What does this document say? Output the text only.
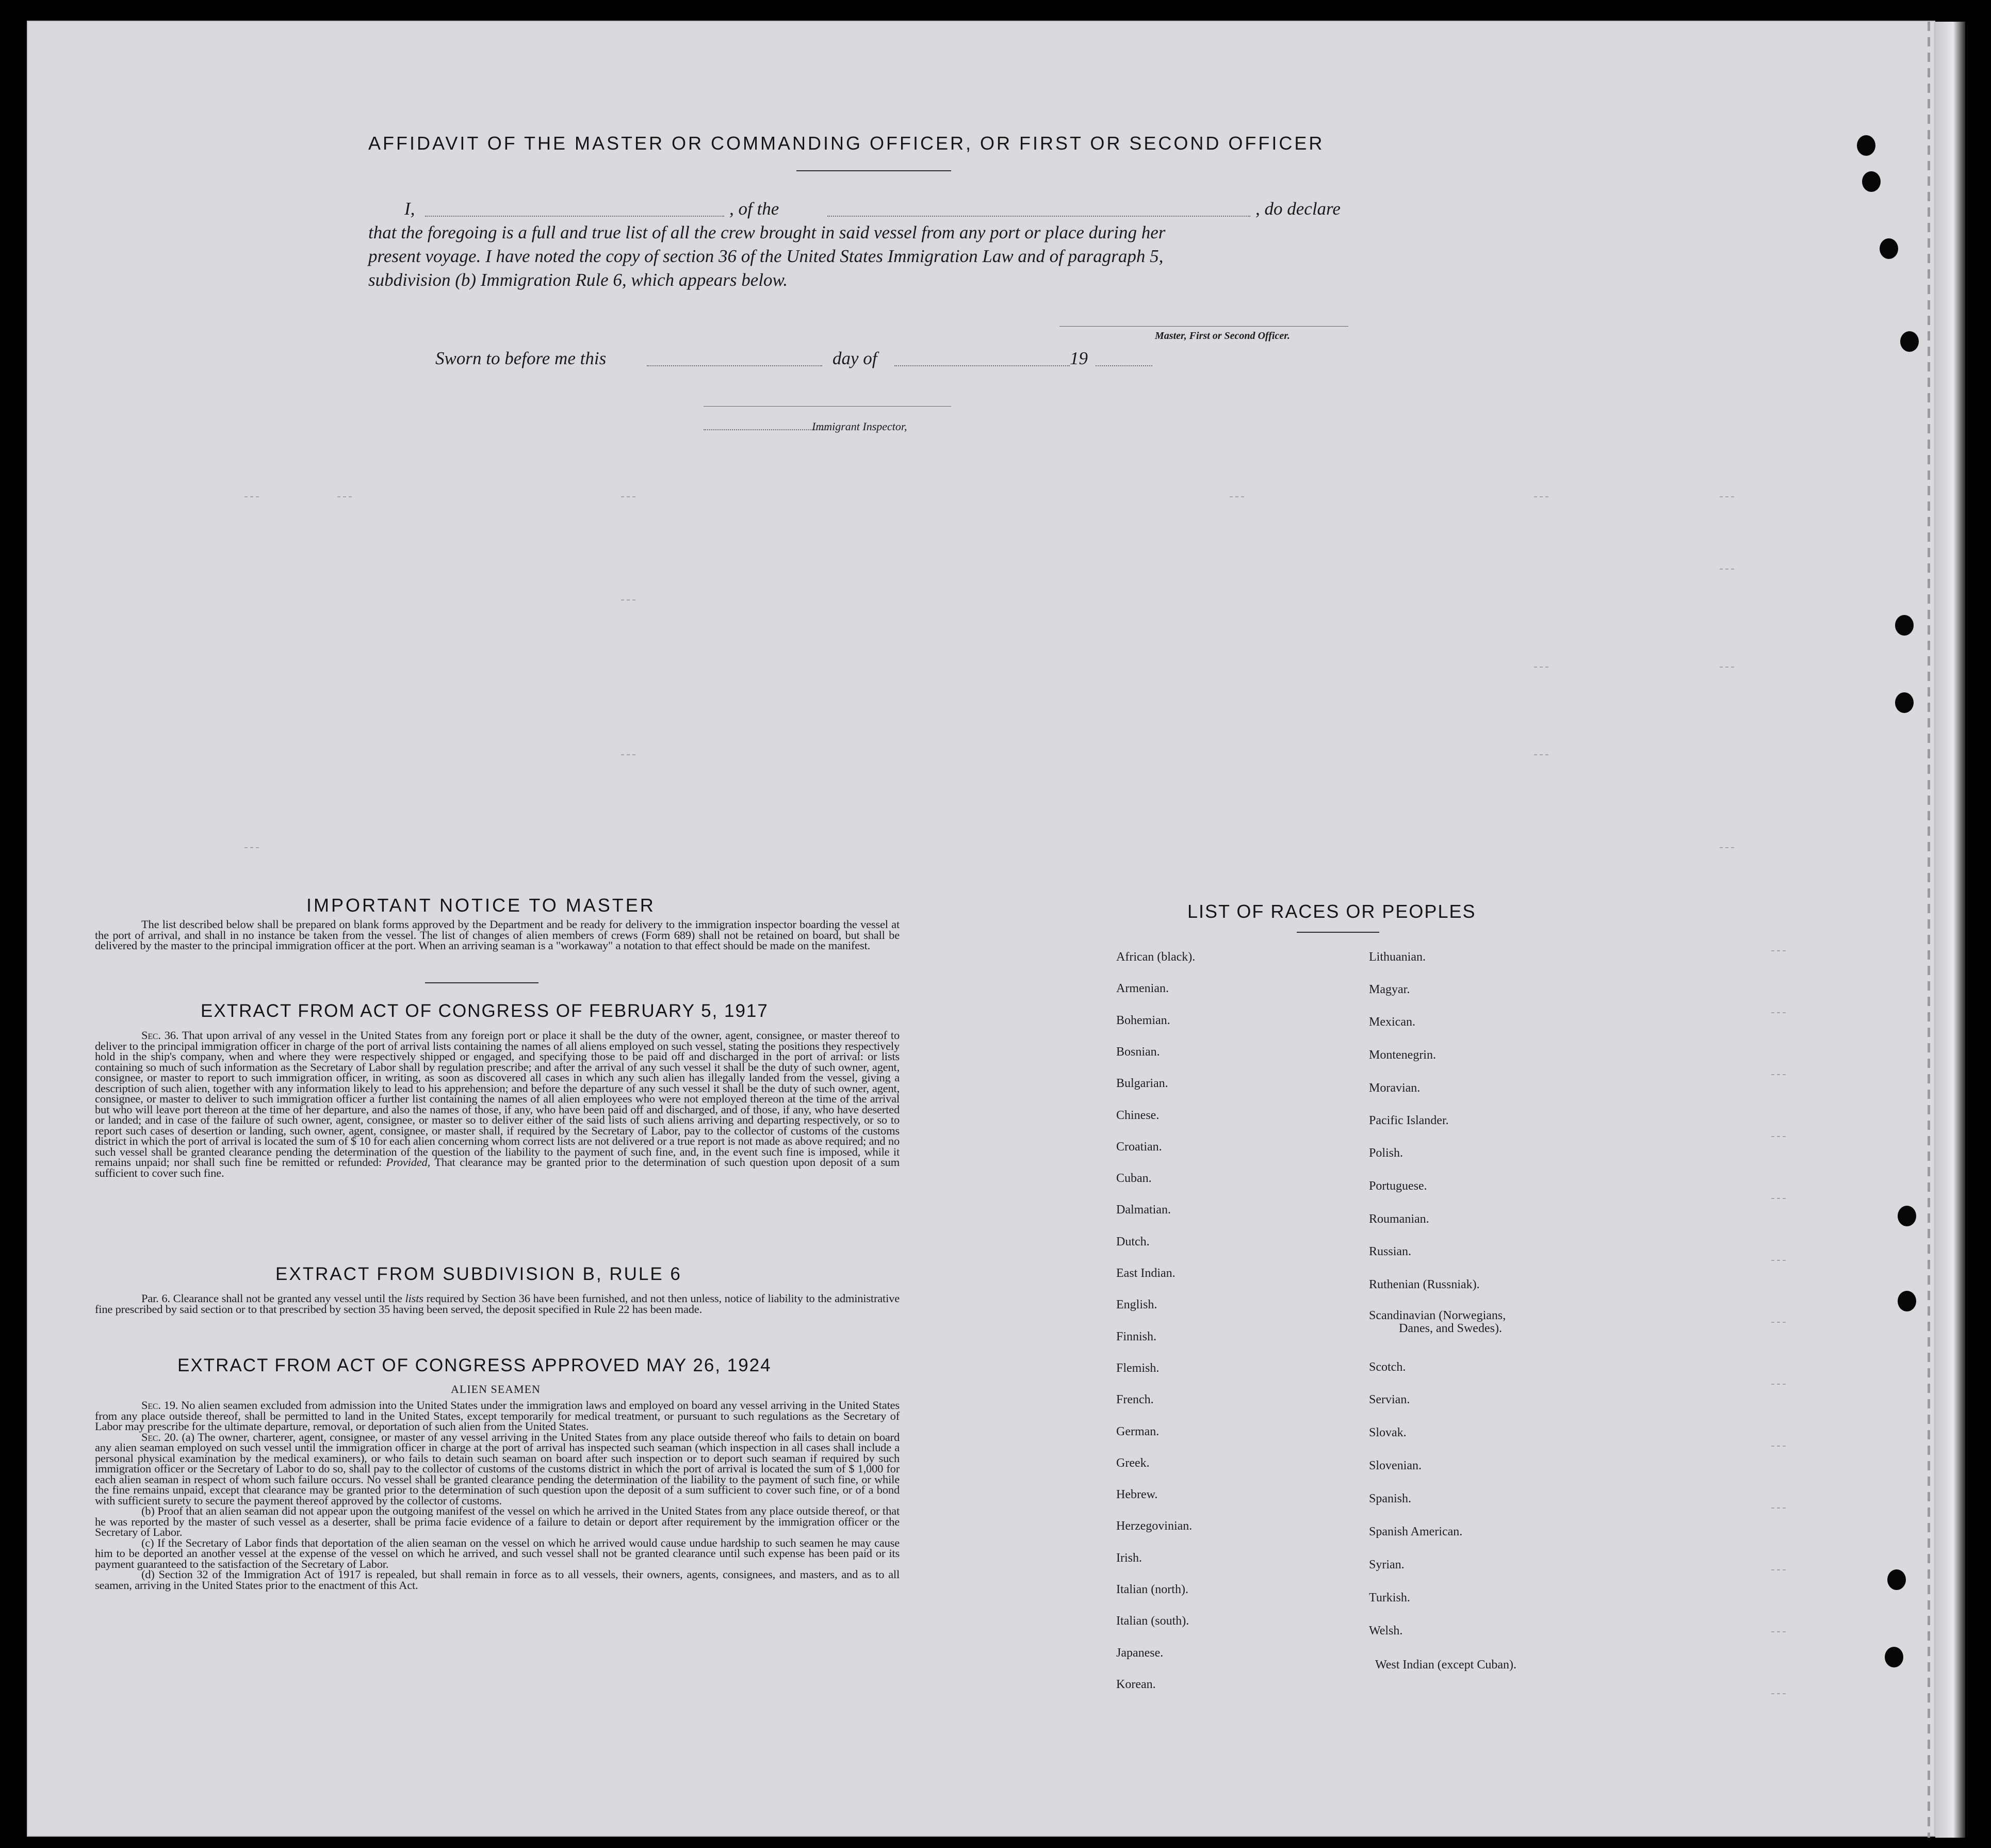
AFFIDAVIT OF THE MASTER OR COMMANDING OFFICER, OR FIRST OR SECOND OFFICER
I,	, of the	, do declare
that the foregoing is a full and true list of all the crew brought in said vessel from any port or place during her
present voyage. I have noted the copy of section 36 of the United States Immigration Law and of paragraph 5,
subdivision (b) Immigration Rule 6, which appears below.
Master, First or Second Officer.
Sworn to before me this	day of	19
Immigrant Inspector,
IMPORTANT NOTICE TO MASTER

The list described below shall be prepared on blank forms approved by the Department and be ready for delivery to the immigration inspector boarding the vessel at the port of arrival, and shall in no instance be taken from the vessel. The list of changes of alien members of crews (Form 689) shall not be retained on board, but shall be delivered by the master to the principal immigration officer at the port. When an arriving seaman is a "workaway" a notation to that effect should be made on the manifest.

EXTRACT FROM ACT OF CONGRESS OF FEBRUARY 5, 1917

Sec. 36. That upon arrival of any vessel in the United States from any foreign port or place it shall be the duty of the owner, agent, consignee, or master thereof to deliver to the principal immigration officer in charge of the port of arrival lists containing the names of all aliens employed on such vessel, stating the positions they respectively hold in the ship's company, when and where they were respectively shipped or engaged, and specifying those to be paid off and discharged in the port of arrival: or lists containing so much of such information as the Secretary of Labor shall by regulation prescribe; and after the arrival of any such vessel it shall be the duty of such owner, agent, consignee, or master to report to such immigration officer, in writing, as soon as discovered all cases in which any such alien has illegally landed from the vessel, giving a description of such alien, together with any information likely to lead to his apprehension; and before the departure of any such vessel it shall be the duty of such owner, agent, consignee, or master to deliver to such immigration officer a further list containing the names of all alien employees who were not employed thereon at the time of the arrival but who will leave port thereon at the time of her departure, and also the names of those, if any, who have been paid off and discharged, and of those, if any, who have deserted or landed; and in case of the failure of such owner, agent, consignee, or master so to deliver either of the said lists of such aliens arriving and departing respectively, or so to report such cases of desertion or landing, such owner, agent, consignee, or master shall, if required by the Secretary of Labor, pay to the collector of customs of the customs district in which the port of arrival is located the sum of $ 10 for each alien concerning whom correct lists are not delivered or a true report is not made as above required; and no such vessel shall be granted clearance pending the determination of the question of the liability to the payment of such fine, and, in the event such fine is imposed, while it remains unpaid; nor shall such fine be remitted or refunded: Provided, That clearance may be granted prior to the determination of such question upon deposit of a sum sufficient to cover such fine.

EXTRACT FROM SUBDIVISION B, RULE 6

Par. 6. Clearance shall not be granted any vessel until the lists required by Section 36 have been furnished, and not then unless, notice of liability to the administrative fine prescribed by said section or to that prescribed by section 35 having been served, the deposit specified in Rule 22 has been made.

EXTRACT FROM ACT OF CONGRESS APPROVED MAY 26, 1924
ALIEN SEAMEN

Sec. 19. No alien seamen excluded from admission into the United States under the immigration laws and employed on board any vessel arriving in the United States from any place outside thereof, shall be permitted to land in the United States, except temporarily for medical treatment, or pursuant to such regulations as the Secretary of Labor may prescribe for the ultimate departure, removal, or deportation of such alien from the United States.

Sec. 20. (a) The owner, charterer, agent, consignee, or master of any vessel arriving in the United States from any place outside thereof who fails to detain on board any alien seaman employed on such vessel until the immigration officer in charge at the port of arrival has inspected such seaman (which inspection in all cases shall include a personal physical examination by the medical examiners), or who fails to detain such seaman on board after such inspection or to deport such seaman if required by such immigration officer or the Secretary of Labor to do so, shall pay to the collector of customs of the customs district in which the port of arrival is located the sum of $ 1,000 for each alien seaman in respect of whom such failure occurs. No vessel shall be granted clearance pending the determination of the liability to the payment of such fine, or while the fine remains unpaid, except that clearance may be granted prior to the determination of such question upon the deposit of a sum sufficient to cover such fine, or of a bond with sufficient surety to secure the payment thereof approved by the collector of customs.

(b) Proof that an alien seaman did not appear upon the outgoing manifest of the vessel on which he arrived in the United States from any place outside thereof, or that he was reported by the master of such vessel as a deserter, shall be prima facie evidence of a failure to detain or deport after requirement by the immigration officer or the Secretary of Labor.

(c) If the Secretary of Labor finds that deportation of the alien seaman on the vessel on which he arrived would cause undue hardship to such seamen he may cause him to be deported an another vessel at the expense of the vessel on which he arrived, and such vessel shall not be granted clearance until such expense has been paid or its payment guaranteed to the satisfaction of the Secretary of Labor.

(d) Section 32 of the Immigration Act of 1917 is repealed, but shall remain in force as to all vessels, their owners, agents, consignees, and masters, and as to all seamen, arriving in the United States prior to the enactment of this Act.

LIST OF RACES OR PEOPLES
African (black).
Armenian.
Bohemian.
Bosnian.
Bulgarian.
Chinese.
Croatian.
Cuban.
Dalmatian.
Dutch.
East Indian.
English.
Finnish.
Flemish.
French.
German.
Greek.
Hebrew.
Herzegovinian.
Irish.
Italian (north).
Italian (south).
Japanese.
Korean.
Lithuanian.
Magyar.
Mexican.
Montenegrin.
Moravian.
Pacific Islander.
Polish.
Portuguese.
Roumanian.
Russian.
Ruthenian (Russniak).
Scandinavian (Norwegians,
Danes, and Swedes).
Scotch.
Servian.
Slovak.
Slovenian.
Spanish.
Spanish American.
Syrian.
Turkish.
Welsh.
West Indian (except Cuban).
